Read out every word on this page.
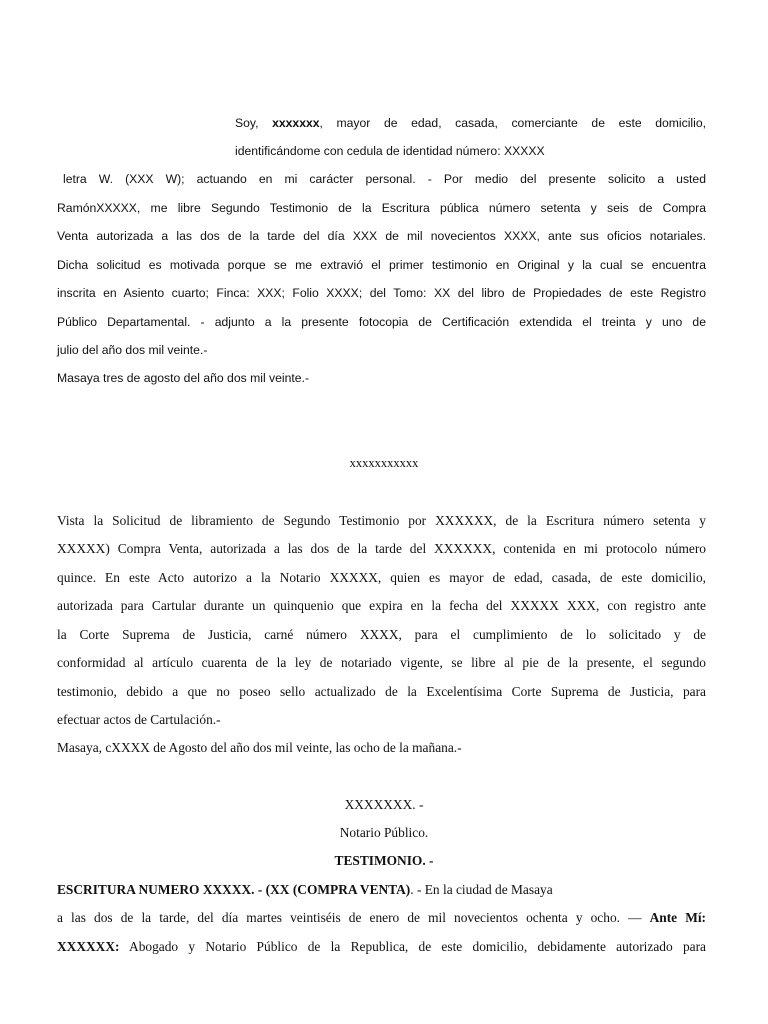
Soy, xxxxxxx, mayor de edad, casada, comerciante de este domicilio,
identificándome con cedula de identidad número: XXXXX
letra W. (XXX W); actuando en mi carácter personal. - Por medio del presente solicito a usted
RamónXXXXX, me libre Segundo Testimonio de la Escritura pública número setenta y seis de Compra
Venta autorizada a las dos de la tarde del día XXX de mil novecientos XXXX, ante sus oficios notariales.
Dicha solicitud es motivada porque se me extravió el primer testimonio en Original y la cual se encuentra
inscrita en Asiento cuarto; Finca: XXX; Folio XXXX; del Tomo: XX del libro de Propiedades de este Registro
Público Departamental. - adjunto a la presente fotocopia de Certificación extendida el treinta y uno de
julio del año dos mil veinte.-
Masaya tres de agosto del año dos mil veinte.-
xxxxxxxxxxx
Vista la Solicitud de libramiento de Segundo Testimonio por XXXXXX, de la Escritura número setenta y
XXXXX) Compra Venta, autorizada a las dos de la tarde del XXXXXX, contenida en mi protocolo número
quince. En este Acto autorizo a la Notario XXXXX, quien es mayor de edad, casada, de este domicilio,
autorizada para Cartular durante un quinquenio que expira en la fecha del XXXXX XXX, con registro ante
la Corte Suprema de Justicia, carné número XXXX, para el cumplimiento de lo solicitado y de
conformidad al artículo cuarenta de la ley de notariado vigente, se libre al pie de la presente, el segundo
testimonio, debido a que no poseo sello actualizado de la Excelentísima Corte Suprema de Justicia, para
efectuar actos de Cartulación.-
Masaya, cXXXX de Agosto del año dos mil veinte, las ocho de la mañana.-
XXXXXXX. -
Notario Público.
TESTIMONIO. -
ESCRITURA NUMERO XXXXX. - (XX (COMPRA VENTA). - En la ciudad de Masaya
a las dos de la tarde, del día martes veintiséis de enero de mil novecientos ochenta y ocho. — Ante Mí:
XXXXXX: Abogado y Notario Público de la Republica, de este domicilio, debidamente autorizado para
